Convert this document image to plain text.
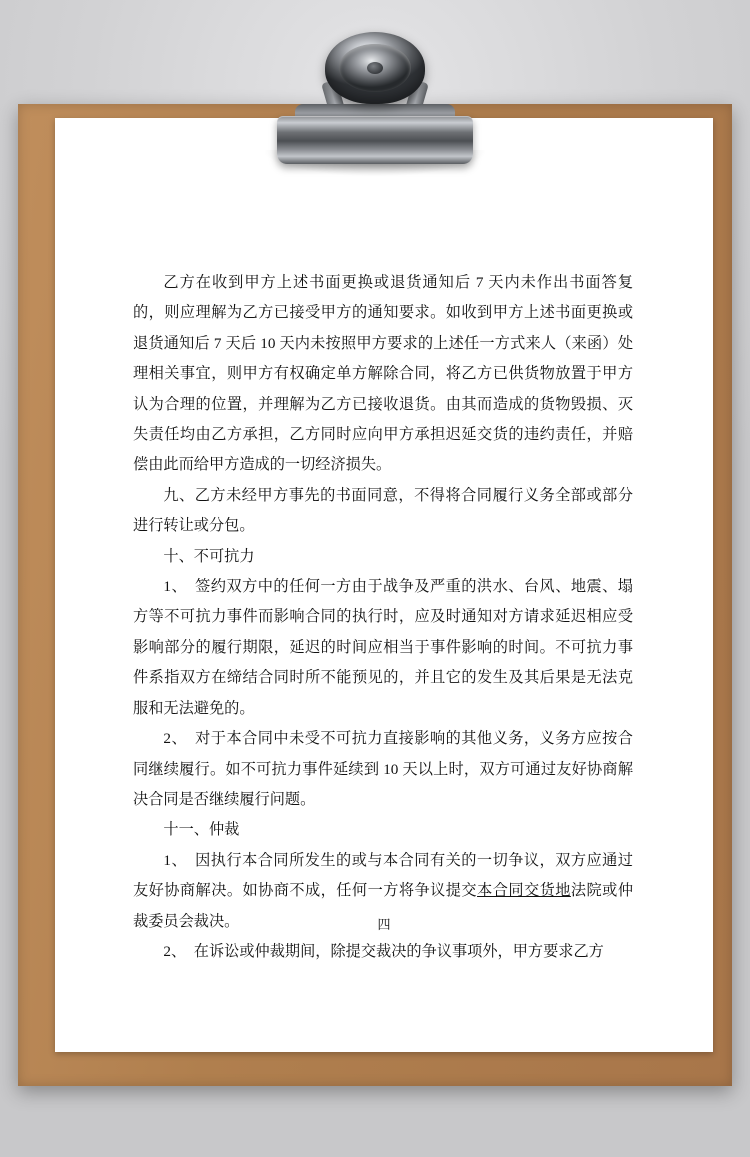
乙方在收到甲方上述书面更换或退货通知后 7 天内未作出书面答复的，则应理解为乙方已接受甲方的通知要求。如收到甲方上述书面更换或退货通知后 7 天后 10 天内未按照甲方要求的上述任一方式来人（来函）处理相关事宜，则甲方有权确定单方解除合同，将乙方已供货物放置于甲方认为合理的位置，并理解为乙方已接收退货。由其而造成的货物毁损、灭失责任均由乙方承担，乙方同时应向甲方承担迟延交货的违约责任，并赔偿由此而给甲方造成的一切经济损失。

九、乙方未经甲方事先的书面同意，不得将合同履行义务全部或部分进行转让或分包。

十、不可抗力

1、　签约双方中的任何一方由于战争及严重的洪水、台风、地震、塌方等不可抗力事件而影响合同的执行时，应及时通知对方请求延迟相应受影响部分的履行期限，延迟的时间应相当于事件影响的时间。不可抗力事件系指双方在缔结合同时所不能预见的，并且它的发生及其后果是无法克服和无法避免的。

2、　对于本合同中未受不可抗力直接影响的其他义务，义务方应按合同继续履行。如不可抗力事件延续到 10 天以上时，双方可通过友好协商解决合同是否继续履行问题。

十一、仲裁

1、　因执行本合同所发生的或与本合同有关的一切争议，双方应通过友好协商解决。如协商不成，任何一方将争议提交本合同交货地法院或仲裁委员会裁决。

2、　在诉讼或仲裁期间，除提交裁决的争议事项外，甲方要求乙方

四
